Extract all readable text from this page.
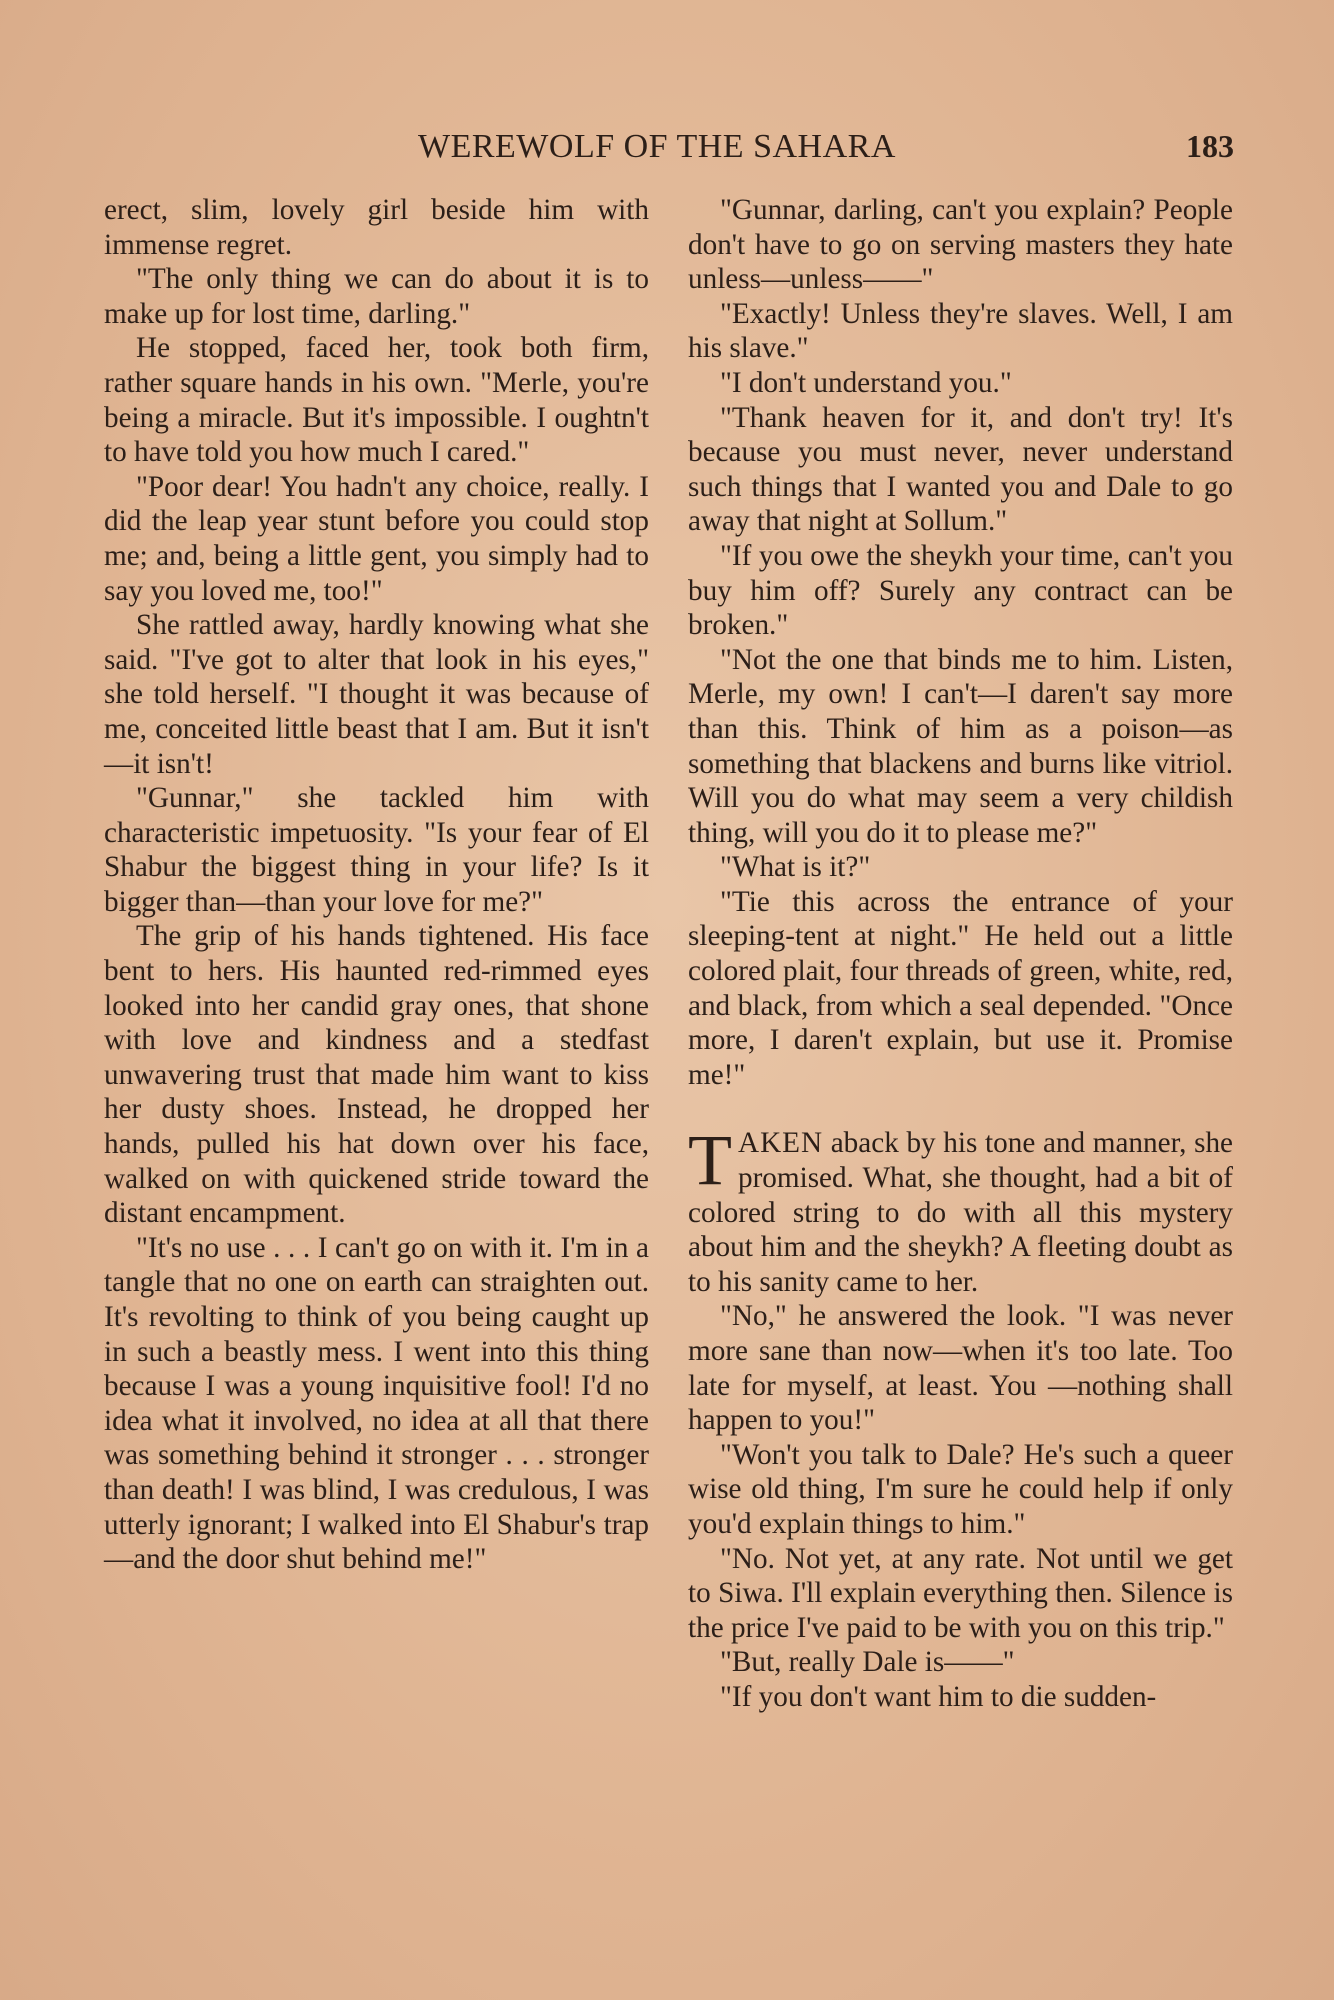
WEREWOLF OF THE SAHARA	183

erect, slim, lovely girl beside him with immense regret.

"The only thing we can do about it is to make up for lost time, darling."

He stopped, faced her, took both firm, rather square hands in his own. "Merle, you're being a miracle. But it's impossible. I oughtn't to have told you how much I cared."

"Poor dear! You hadn't any choice, really. I did the leap year stunt before you could stop me; and, being a little gent, you simply had to say you loved me, too!"

She rattled away, hardly knowing what she said. "I've got to alter that look in his eyes," she told herself. "I thought it was because of me, conceited little beast that I am. But it isn't—it isn't!

"Gunnar," she tackled him with characteristic impetuosity. "Is your fear of El Shabur the biggest thing in your life? Is it bigger than—than your love for me?"

The grip of his hands tightened. His face bent to hers. His haunted red-rimmed eyes looked into her candid gray ones, that shone with love and kindness and a stedfast unwavering trust that made him want to kiss her dusty shoes. Instead, he dropped her hands, pulled his hat down over his face, walked on with quickened stride toward the distant encampment.

"It's no use . . . I can't go on with it. I'm in a tangle that no one on earth can straighten out. It's revolting to think of you being caught up in such a beastly mess. I went into this thing because I was a young inquisitive fool! I'd no idea what it involved, no idea at all that there was something behind it stronger . . . stronger than death! I was blind, I was credulous, I was utterly ignorant; I walked into El Shabur's trap—and the door shut behind me!"

"Gunnar, darling, can't you explain? People don't have to go on serving masters they hate unless—unless——"

"Exactly! Unless they're slaves. Well, I am his slave."

"I don't understand you."

"Thank heaven for it, and don't try! It's because you must never, never understand such things that I wanted you and Dale to go away that night at Sollum."

"If you owe the sheykh your time, can't you buy him off? Surely any contract can be broken."

"Not the one that binds me to him. Listen, Merle, my own! I can't—I daren't say more than this. Think of him as a poison—as something that blackens and burns like vitriol. Will you do what may seem a very childish thing, will you do it to please me?"

"What is it?"

"Tie this across the entrance of your sleeping-tent at night." He held out a little colored plait, four threads of green, white, red, and black, from which a seal depended. "Once more, I daren't explain, but use it. Promise me!"

TAKEN aback by his tone and manner, she promised. What, she thought, had a bit of colored string to do with all this mystery about him and the sheykh? A fleeting doubt as to his sanity came to her.

"No," he answered the look. "I was never more sane than now—when it's too late. Too late for myself, at least. You —nothing shall happen to you!"

"Won't you talk to Dale? He's such a queer wise old thing, I'm sure he could help if only you'd explain things to him."

"No. Not yet, at any rate. Not until we get to Siwa. I'll explain everything then. Silence is the price I've paid to be with you on this trip."

"But, really Dale is——"

"If you don't want him to die sudden-
